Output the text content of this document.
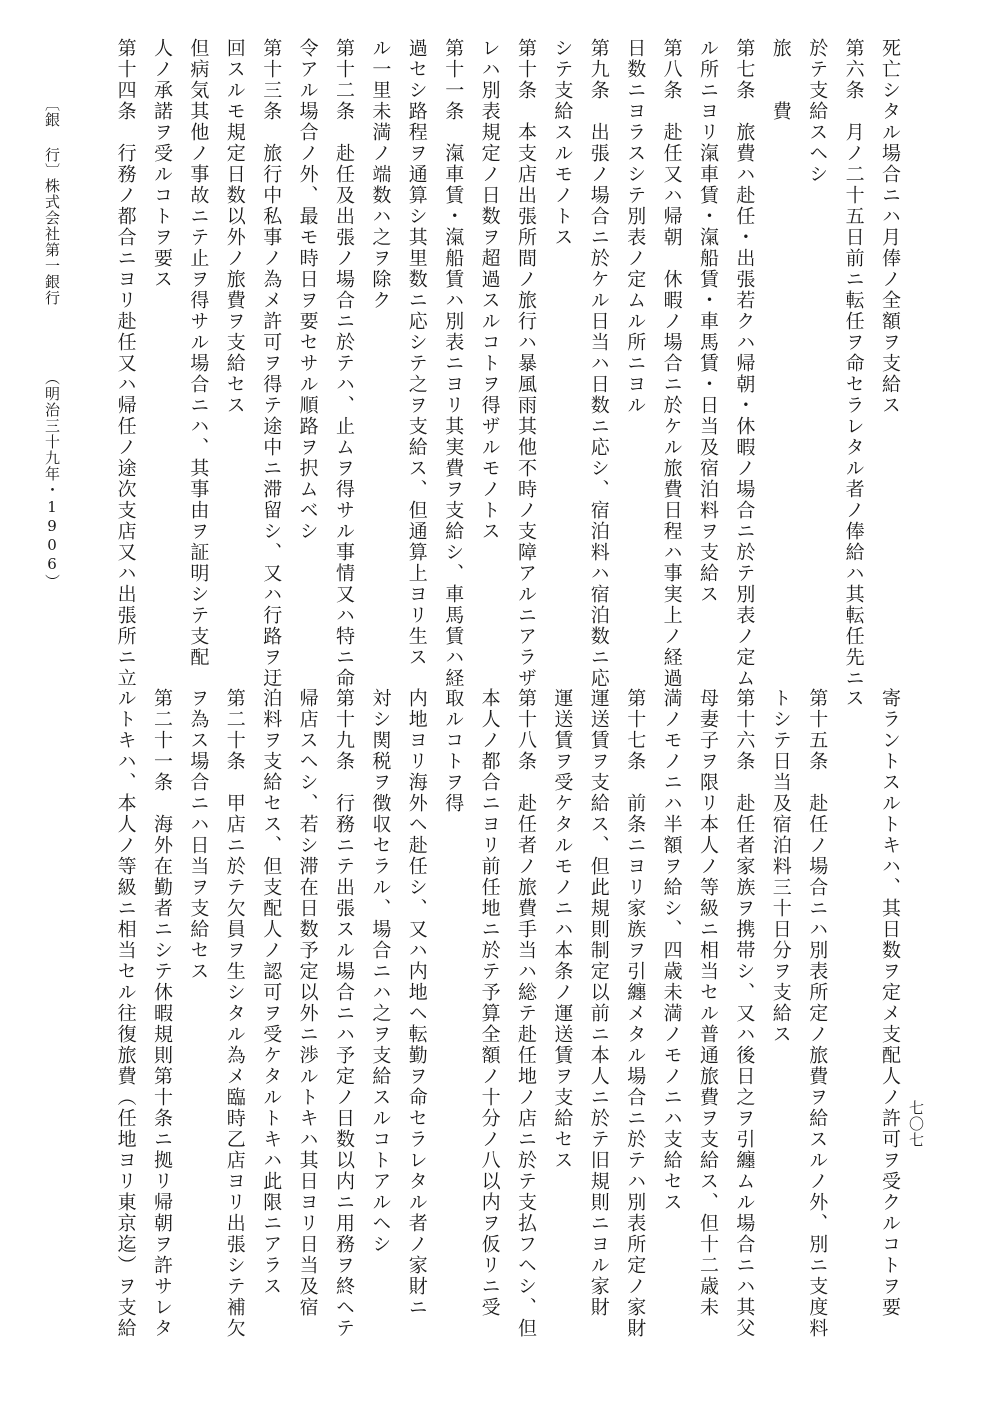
死亡シタル場合ニハ月俸ノ全額ヲ支給ス
第六条　月ノ二十五日前ニ転任ヲ命セラレタル者ノ俸給ハ其転任先ニ
於テ支給スヘシ
旅　　費
第七条　旅費ハ赴任・出張若クハ帰朝・休暇ノ場合ニ於テ別表ノ定ム
ル所ニヨリ滊車賃・滊船賃・車馬賃・日当及宿泊料ヲ支給ス
第八条　赴任又ハ帰朝　休暇ノ場合ニ於ケル旅費日程ハ事実上ノ経過
日数ニヨラスシテ別表ノ定ムル所ニヨル
第九条　出張ノ場合ニ於ケル日当ハ日数ニ応シ、宿泊料ハ宿泊数ニ応
シテ支給スルモノトス
第十条　本支店出張所間ノ旅行ハ暴風雨其他不時ノ支障アルニアラザ
レハ別表規定ノ日数ヲ超過スルコトヲ得ザルモノトス
第十一条　滊車賃・滊船賃ハ別表ニヨリ其実費ヲ支給シ、車馬賃ハ経
過セシ路程ヲ通算シ其里数ニ応シテ之ヲ支給ス、但通算上ヨリ生ス
ル一里未満ノ端数ハ之ヲ除ク
第十二条　赴任及出張ノ場合ニ於テハ、止ムヲ得サル事情又ハ特ニ命
令アル場合ノ外、最モ時日ヲ要セサル順路ヲ択ムベシ
第十三条　旅行中私事ノ為メ許可ヲ得テ途中ニ滞留シ、又ハ行路ヲ迂
回スルモ規定日数以外ノ旅費ヲ支給セス
但病気其他ノ事故ニテ止ヲ得サル場合ニハ、其事由ヲ証明シテ支配
人ノ承諾ヲ受ルコトヲ要ス
第十四条　行務ノ都合ニヨリ赴任又ハ帰任ノ途次支店又ハ出張所ニ立
寄ラントスルトキハ、其日数ヲ定メ支配人ノ許可ヲ受クルコトヲ要
ス
第十五条　赴任ノ場合ニハ別表所定ノ旅費ヲ給スルノ外、別ニ支度料
トシテ日当及宿泊料三十日分ヲ支給ス
第十六条　赴任者家族ヲ携帯シ、又ハ後日之ヲ引纏ムル場合ニハ其父
母妻子ヲ限リ本人ノ等級ニ相当セル普通旅費ヲ支給ス、但十二歳未
満ノモノニハ半額ヲ給シ、四歳未満ノモノニハ支給セス
第十七条　前条ニヨリ家族ヲ引纏メタル場合ニ於テハ別表所定ノ家財
運送賃ヲ支給ス、但此規則制定以前ニ本人ニ於テ旧規則ニヨル家財
運送賃ヲ受ケタルモノニハ本条ノ運送賃ヲ支給セス
第十八条　赴任者ノ旅費手当ハ総テ赴任地ノ店ニ於テ支払フヘシ、但
本人ノ都合ニヨリ前任地ニ於テ予算全額ノ十分ノ八以内ヲ仮リニ受
取ルコトヲ得
内地ヨリ海外ヘ赴任シ、又ハ内地ヘ転勤ヲ命セラレタル者ノ家財ニ
対シ関税ヲ徴収セラル、場合ニハ之ヲ支給スルコトアルヘシ
第十九条　行務ニテ出張スル場合ニハ予定ノ日数以内ニ用務ヲ終ヘテ
帰店スヘシ、若シ滞在日数予定以外ニ渉ルトキハ其日ヨリ日当及宿
泊料ヲ支給セス、但支配人ノ認可ヲ受ケタルトキハ此限ニアラス
第二十条　甲店ニ於テ欠員ヲ生シタル為メ臨時乙店ヨリ出張シテ補欠
ヲ為ス場合ニハ日当ヲ支給セス
第二十一条　海外在勤者ニシテ休暇規則第十条ニ拠リ帰朝ヲ許サレタ
ルトキハ、本人ノ等級ニ相当セル往復旅費（任地ヨリ東京迄）ヲ支給	七〇七
〔銀 行〕
株式会社第一銀行
（明治三十九年・1906）
